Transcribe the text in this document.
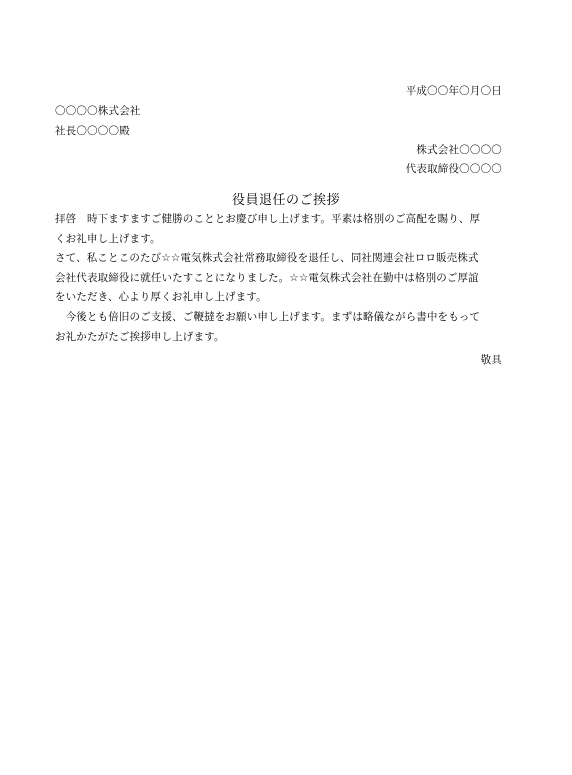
平成〇〇年〇月〇日
〇〇〇〇株式会社
社長〇〇〇〇殿
株式会社〇〇〇〇
代表取締役〇〇〇〇
役員退任のご挨拶

拝啓　時下ますますご健勝のこととお慶び申し上げます。平素は格別のご高配を賜り、厚

くお礼申し上げます。

さて、私ことこのたび☆☆電気株式会社常務取締役を退任し、同社関連会社ロロ販売株式

会社代表取締役に就任いたすことになりました。☆☆電気株式会社在勤中は格別のご厚誼

をいただき、心より厚くお礼申し上げます。

　今後とも倍旧のご支援、ご鞭撻をお願い申し上げます。まずは略儀ながら書中をもって

お礼かたがたご挨拶申し上げます。

敬具
